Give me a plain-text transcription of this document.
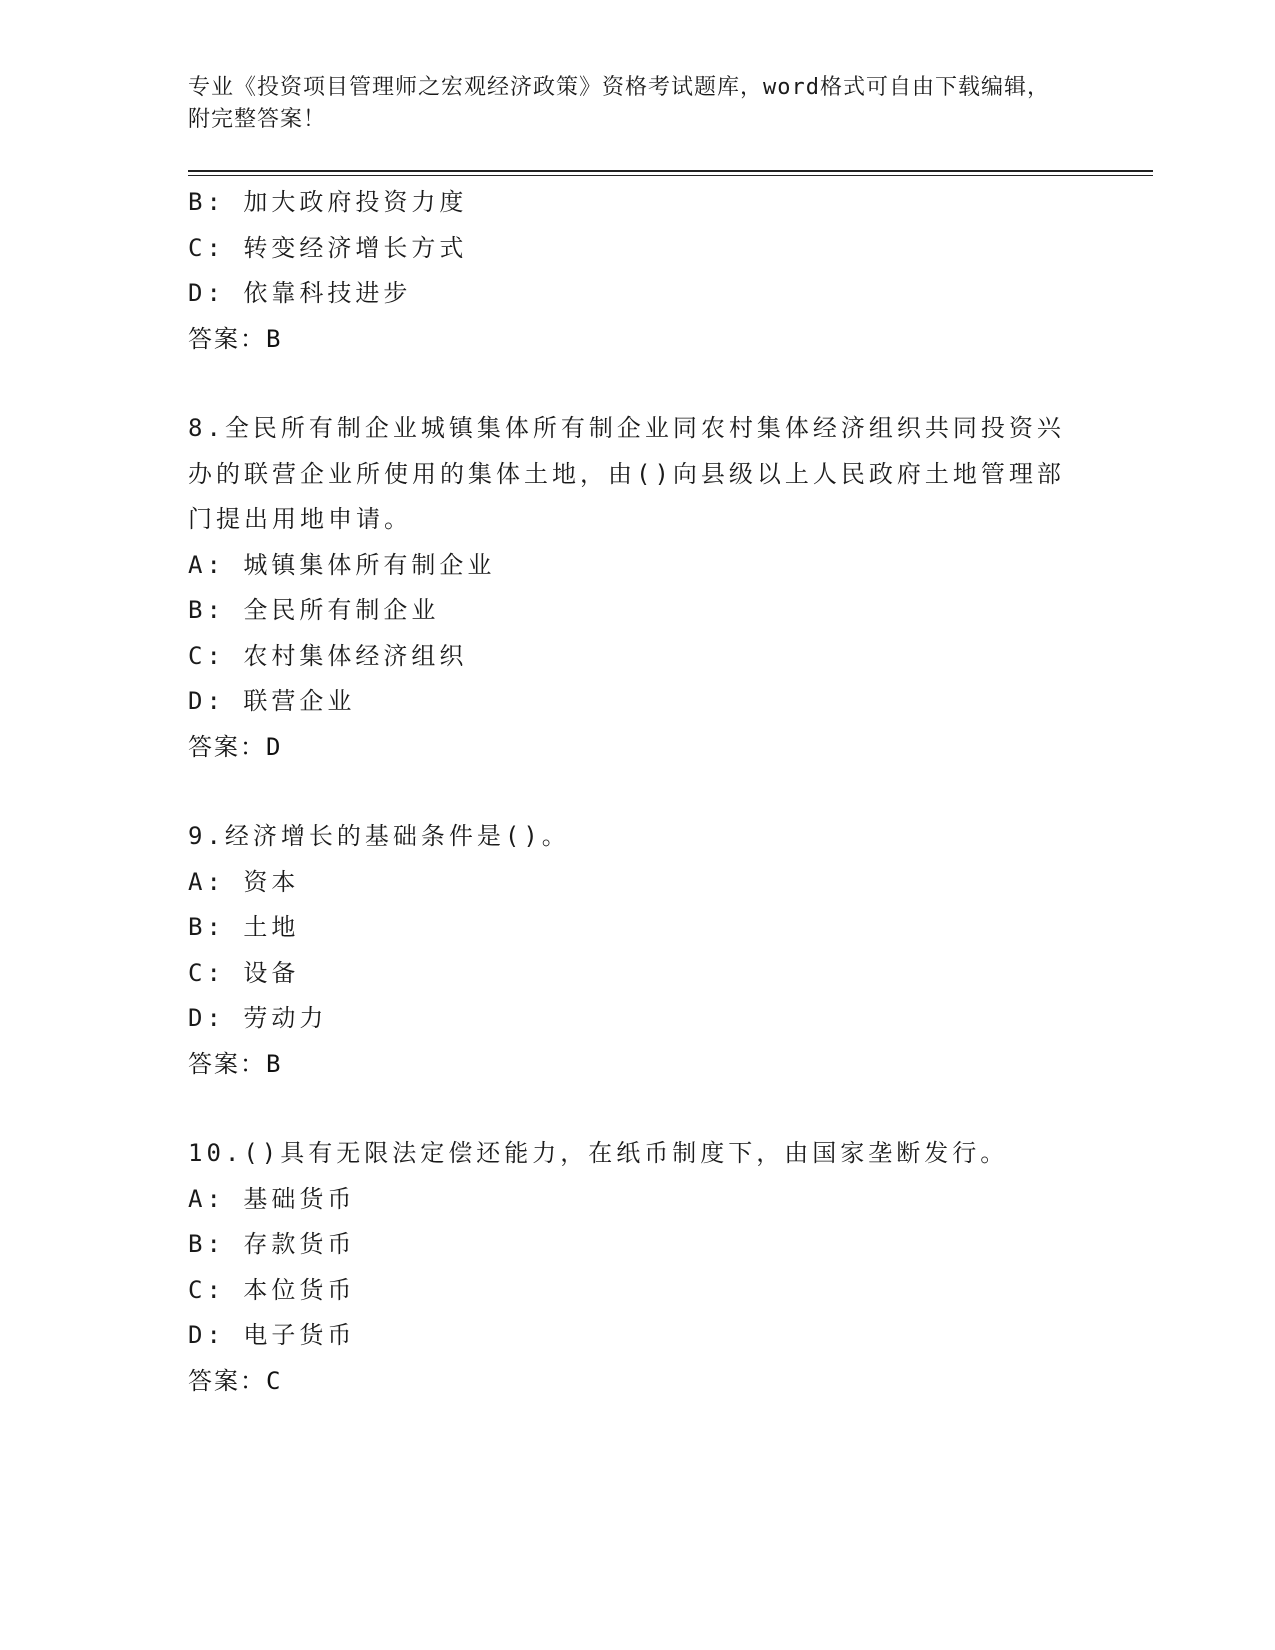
专业《投资项目管理师之宏观经济政策》资格考试题库，word格式可自由下载编辑，附完整答案！
B: 加大政府投资力度
C: 转变经济增长方式
D: 依靠科技进步
答案：B
8.全民所有制企业城镇集体所有制企业同农村集体经济组织共同投资兴办的联营企业所使用的集体土地，由()向县级以上人民政府土地管理部门提出用地申请。
A: 城镇集体所有制企业
B: 全民所有制企业
C: 农村集体经济组织
D: 联营企业
答案：D
9.经济增长的基础条件是()。
A: 资本
B: 土地
C: 设备
D: 劳动力
答案：B
10.()具有无限法定偿还能力，在纸币制度下，由国家垄断发行。
A: 基础货币
B: 存款货币
C: 本位货币
D: 电子货币
答案：C
